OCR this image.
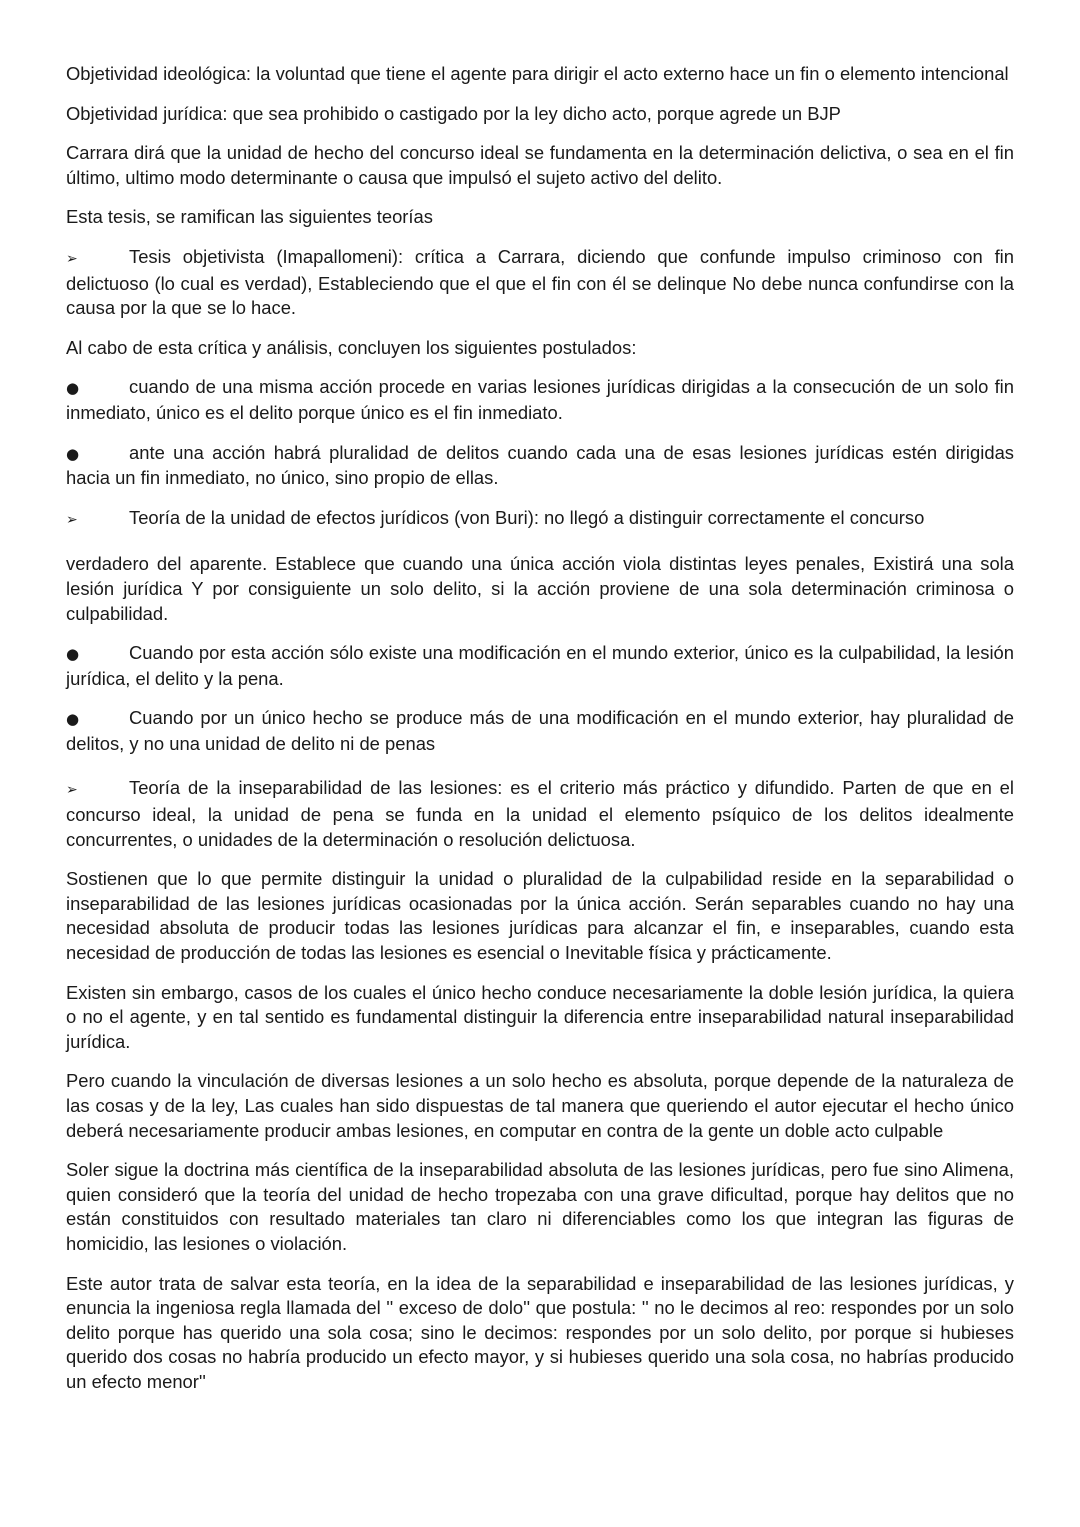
Objetividad ideológica: la voluntad que tiene el agente para dirigir el acto externo hace un fin o elemento intencional

Objetividad jurídica: que sea prohibido o castigado por la ley dicho acto, porque agrede un BJP

Carrara dirá que la unidad de hecho del concurso ideal se fundamenta en la determinación delictiva, o sea en el fin último, ultimo modo determinante o causa que impulsó el sujeto activo del delito.

Esta tesis, se ramifican las siguientes teorías

➢	Tesis objetivista (Imapallomeni): crítica a Carrara, diciendo que confunde impulso criminoso con fin delictuoso (lo cual es verdad), Estableciendo que el que el fin con él se delinque No debe nunca confundirse con la causa por la que se lo hace.

Al cabo de esta crítica y análisis, concluyen los siguientes postulados:

●	cuando de una misma acción procede en varias lesiones jurídicas dirigidas a la consecución de un solo fin inmediato, único es el delito porque único es el fin inmediato.

●	ante una acción habrá pluralidad de delitos cuando cada una de esas lesiones jurídicas estén dirigidas hacia un fin inmediato, no único, sino propio de ellas.

➢	Teoría de la unidad de efectos jurídicos (von Buri): no llegó a distinguir correctamente el concurso

verdadero del aparente. Establece que cuando una única acción viola distintas leyes penales, Existirá una sola lesión jurídica Y por consiguiente un solo delito, si la acción proviene de una sola determinación criminosa o culpabilidad.

●	Cuando por esta acción sólo existe una modificación en el mundo exterior, único es la culpabilidad, la lesión jurídica, el delito y la pena.

●	Cuando por un único hecho se produce más de una modificación en el mundo exterior, hay pluralidad de delitos, y no una unidad de delito ni de penas

➢	Teoría de la inseparabilidad de las lesiones: es el criterio más práctico y difundido. Parten de que en el concurso ideal, la unidad de pena se funda en la unidad el elemento psíquico de los delitos idealmente concurrentes, o unidades de la determinación o resolución delictuosa.

Sostienen que lo que permite distinguir la unidad o pluralidad de la culpabilidad reside en la separabilidad o inseparabilidad de las lesiones jurídicas ocasionadas por la única acción. Serán separables cuando no hay una necesidad absoluta de producir todas las lesiones jurídicas para alcanzar el fin, e inseparables, cuando esta necesidad de producción de todas las lesiones es esencial o Inevitable física y prácticamente.

Existen sin embargo, casos de los cuales el único hecho conduce necesariamente la doble lesión jurídica, la quiera o no el agente, y en tal sentido es fundamental distinguir la diferencia entre inseparabilidad natural inseparabilidad jurídica.

Pero cuando la vinculación de diversas lesiones a un solo hecho es absoluta, porque depende de la naturaleza de las cosas y de la ley, Las cuales han sido dispuestas de tal manera que queriendo el autor ejecutar el hecho único deberá necesariamente producir ambas lesiones, en computar en contra de la gente un doble acto culpable

Soler sigue la doctrina más científica de la inseparabilidad absoluta de las lesiones jurídicas, pero fue sino Alimena, quien consideró que la teoría del unidad de hecho tropezaba con una grave dificultad, porque hay delitos que no están constituidos con resultado materiales tan claro ni diferenciables como los que integran las figuras de homicidio, las lesiones o violación.

Este autor trata de salvar esta teoría, en la idea de la separabilidad e inseparabilidad de las lesiones jurídicas, y enuncia la ingeniosa regla llamada del '' exceso de dolo'' que postula: '' no le decimos al reo: respondes por un solo delito porque has querido una sola cosa; sino le decimos: respondes por un solo delito, por porque si hubieses querido dos cosas no habría producido un efecto mayor, y si hubieses querido una sola cosa, no habrías producido un efecto menor''
